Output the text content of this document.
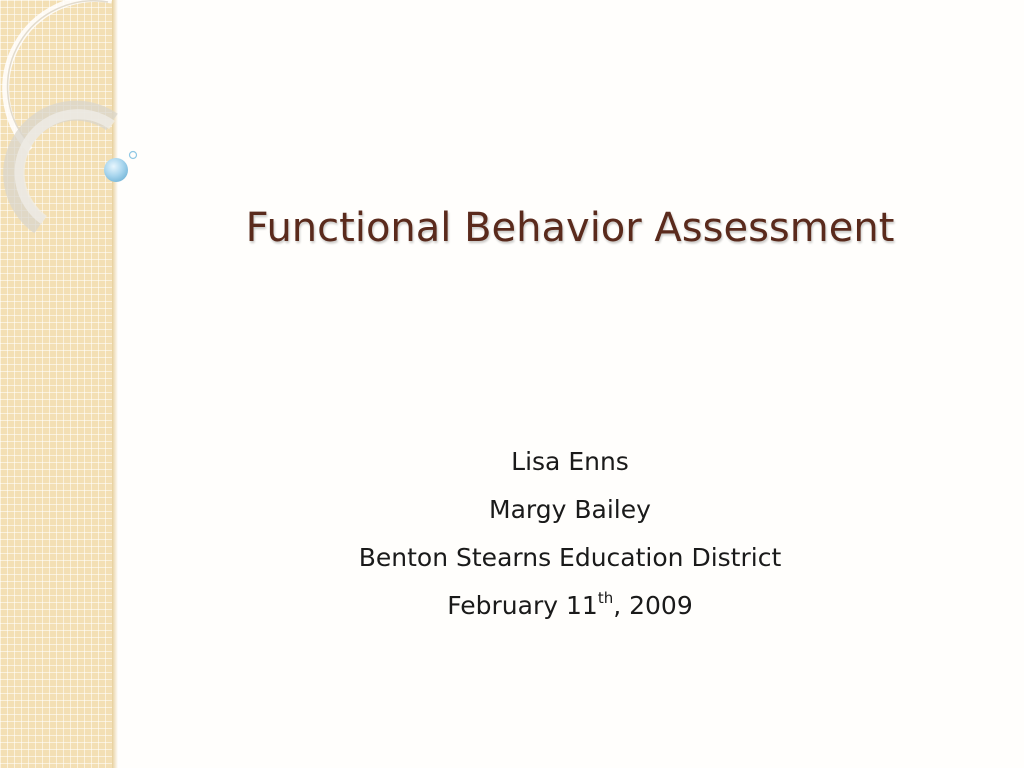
Functional Behavior Assessment
Lisa Enns
Margy Bailey
Benton Stearns Education District
February 11th, 2009
